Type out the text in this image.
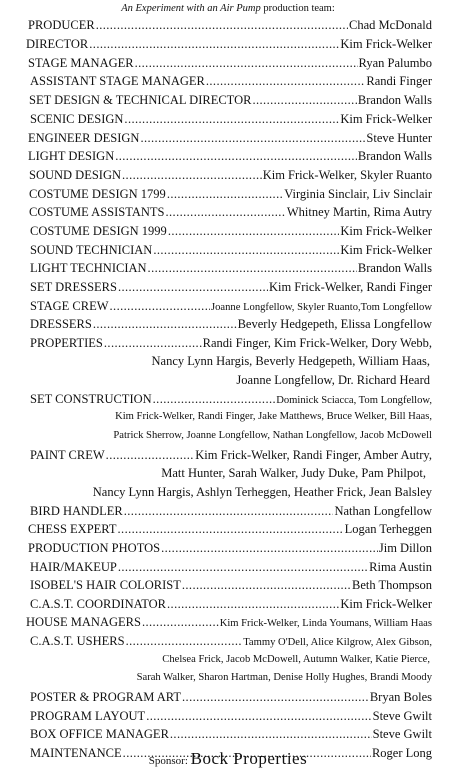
An Experiment with an Air Pump production team:
PRODUCER .....	Chad McDonald
DIRECTOR .....	Kim Frick-Welker
STAGE MANAGER .....	Ryan Palumbo
ASSISTANT STAGE MANAGER .....	Randi Finger
SET DESIGN & TECHNICAL DIRECTOR .....	Brandon Walls
SCENIC DESIGN .....	Kim Frick-Welker
ENGINEER DESIGN .....	Steve Hunter
LIGHT DESIGN .....	Brandon Walls
SOUND DESIGN .....	Kim Frick-Welker, Skyler Ruanto
COSTUME DESIGN 1799 .....	Virginia Sinclair, Liv Sinclair
COSTUME ASSISTANTS .....	Whitney Martin, Rima Autry
COSTUME DESIGN 1999 .....	Kim Frick-Welker
SOUND TECHNICIAN .....	Kim Frick-Welker
LIGHT TECHNICIAN .....	Brandon Walls
SET DRESSERS .....	Kim Frick-Welker, Randi Finger
STAGE CREW .....	Joanne Longfellow, Skyler Ruanto,Tom Longfellow
DRESSERS .....	Beverly Hedgepeth, Elissa Longfellow
PROPERTIES .....	Randi Finger, Kim Frick-Welker, Dory Webb,
Nancy Lynn Hargis, Beverly Hedgepeth, William Haas,
Joanne Longfellow, Dr. Richard Heard
SET CONSTRUCTION .....	Dominick Sciacca, Tom Longfellow,
Kim Frick-Welker, Randi Finger, Jake Matthews, Bruce Welker, Bill Haas,
Patrick Sherrow, Joanne Longfellow, Nathan Longfellow, Jacob McDowell
PAINT CREW .....	Kim Frick-Welker, Randi Finger, Amber Autry,
Matt Hunter, Sarah Walker, Judy Duke, Pam Philpot,
Nancy Lynn Hargis, Ashlyn Terheggen, Heather Frick, Jean Balsley
BIRD HANDLER .....	Nathan Longfellow
CHESS EXPERT .....	Logan Terheggen
PRODUCTION PHOTOS .....	Jim Dillon
HAIR/MAKEUP .....	Rima Austin
ISOBEL'S HAIR COLORIST .....	Beth Thompson
C.A.S.T. COORDINATOR .....	Kim Frick-Welker
HOUSE MANAGERS .....	Kim Frick-Welker, Linda Youmans, William Haas
C.A.S.T. USHERS .....	Tammy O'Dell, Alice Kilgrow, Alex Gibson,
Chelsea Frick, Jacob McDowell, Autumn Walker, Katie Pierce,
Sarah Walker, Sharon Hartman, Denise Holly Hughes, Brandi Moody
POSTER & PROGRAM ART .....	Bryan Boles
PROGRAM LAYOUT .....	Steve Gwilt
BOX OFFICE MANAGER .....	Steve Gwilt
MAINTENANCE .....	Roger Long
Sponsor: Bock Properties
